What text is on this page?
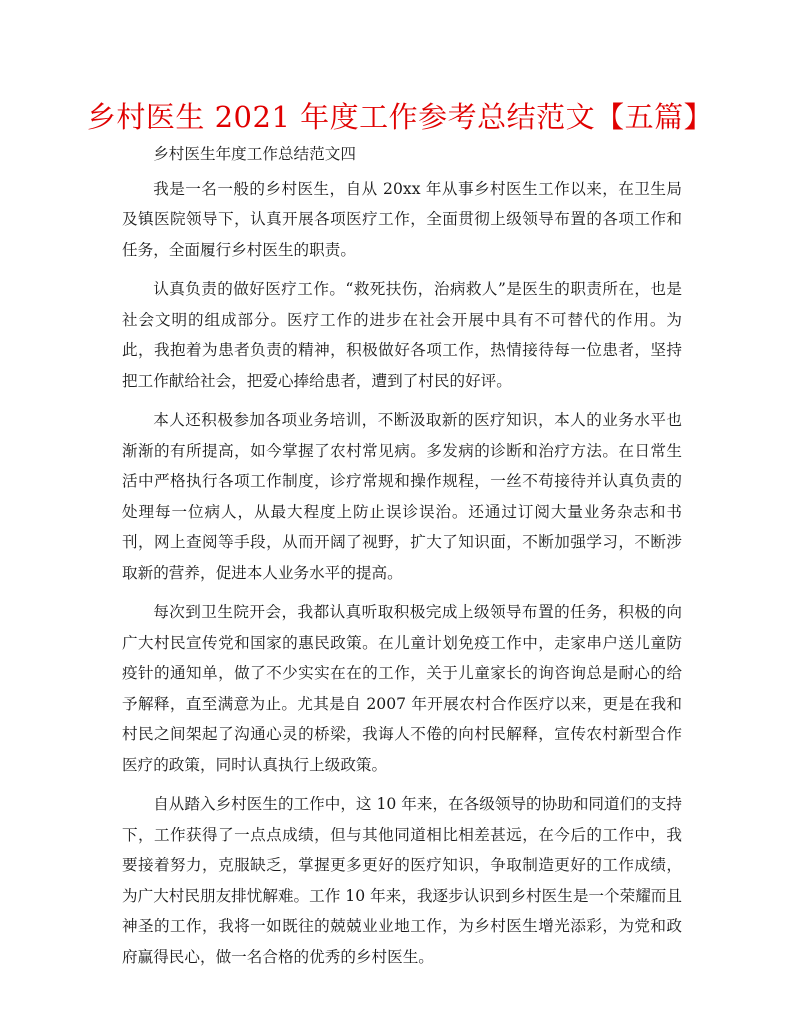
乡村医生 2021 年度工作参考总结范文【五篇】

乡村医生年度工作总结范文四

我是一名一般的乡村医生，自从 20xx 年从事乡村医生工作以来，在卫生局及镇医院领导下，认真开展各项医疗工作，全面贯彻上级领导布置的各项工作和任务，全面履行乡村医生的职责。

认真负责的做好医疗工作。“救死扶伤，治病救人”是医生的职责所在，也是社会文明的组成部分。医疗工作的进步在社会开展中具有不可替代的作用。为此，我抱着为患者负责的精神，积极做好各项工作，热情接待每一位患者，坚持把工作献给社会，把爱心捧给患者，遭到了村民的好评。

本人还积极参加各项业务培训，不断汲取新的医疗知识，本人的业务水平也渐渐的有所提高，如今掌握了农村常见病。多发病的诊断和治疗方法。在日常生活中严格执行各项工作制度，诊疗常规和操作规程，一丝不苟接待并认真负责的处理每一位病人，从最大程度上防止误诊误治。还通过订阅大量业务杂志和书刊，网上查阅等手段，从而开阔了视野，扩大了知识面，不断加强学习，不断涉取新的营养，促进本人业务水平的提高。

每次到卫生院开会，我都认真听取积极完成上级领导布置的任务，积极的向广大村民宣传党和国家的惠民政策。在儿童计划免疫工作中，走家串户送儿童防疫针的通知单，做了不少实实在在的工作，关于儿童家长的询咨询总是耐心的给予解释，直至满意为止。尤其是自 2007 年开展农村合作医疗以来，更是在我和村民之间架起了沟通心灵的桥梁，我诲人不倦的向村民解释，宣传农村新型合作医疗的政策，同时认真执行上级政策。

自从踏入乡村医生的工作中，这 10 年来，在各级领导的协助和同道们的支持下，工作获得了一点点成绩，但与其他同道相比相差甚远，在今后的工作中，我要接着努力，克服缺乏，掌握更多更好的医疗知识，争取制造更好的工作成绩，为广大村民朋友排忧解难。工作 10 年来，我逐步认识到乡村医生是一个荣耀而且神圣的工作，我将一如既往的兢兢业业地工作，为乡村医生增光添彩，为党和政府赢得民心，做一名合格的优秀的乡村医生。
